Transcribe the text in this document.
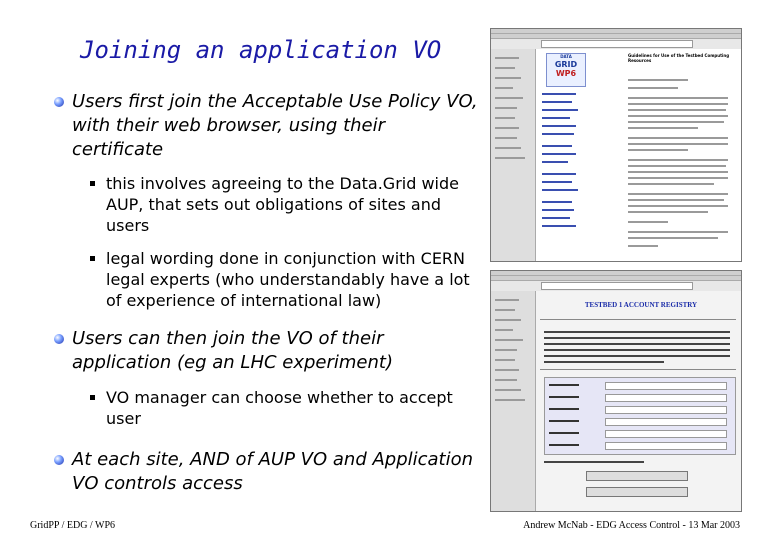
Joining an application VO
Users first join the Acceptable Use Policy VO, with their web browser, using their certificate
this involves agreeing to the Data.Grid wide AUP, that sets out obligations of sites and users
legal wording done in conjunction with CERN legal experts (who understandably have a lot of experience of international law)
Users can then join the VO of their application (eg an LHC experiment)
VO manager can choose whether to accept user
At each site, AND of AUP VO and Application VO controls access
DATA
GRID
WP6
Guidelines for Use of the Testbed Computing Resources
TESTBED 1 ACCOUNT REGISTRY
GridPP / EDG / WP6	Andrew McNab - EDG Access Control - 13 Mar 2003
